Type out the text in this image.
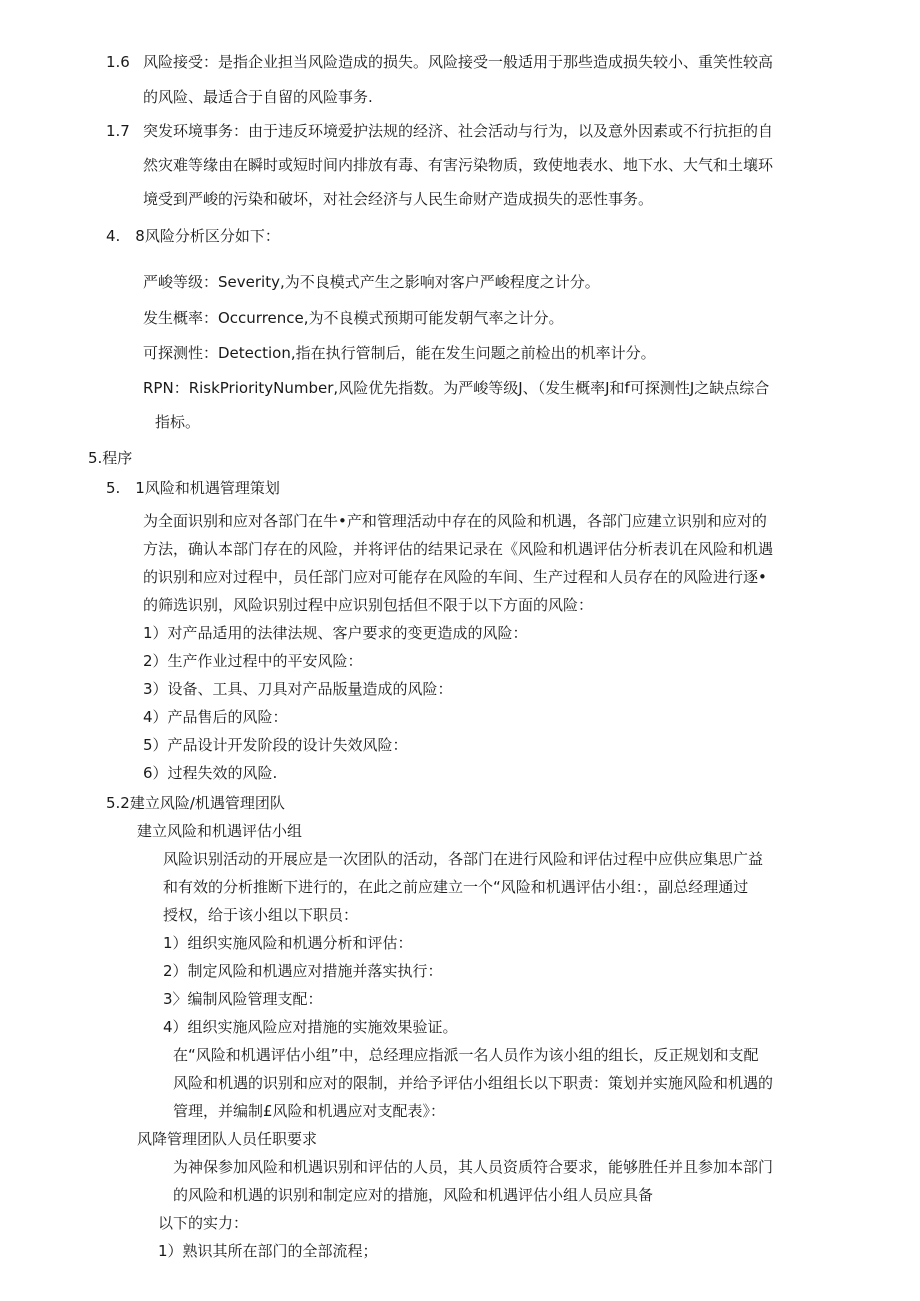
1.6 风险接受：是指企业担当风险造成的损失。风险接受一般适用于那些造成损失较小、重笑性较高
的风险、最适合于自留的风险事务.
1.7 突发环境事务：由于违反环境爱护法规的经济、社会活动与行为，以及意外因素或不行抗拒的自
然灾难等缘由在瞬时或短时间内排放有毒、有害污染物质，致使地表水、地下水、大气和土壤环
境受到严峻的污染和破坏，对社会经济与人民生命财产造成损失的恶性事务。
4.　8风险分析区分如下：
严峻等级：Severity,为不良模式产生之影响对客户严峻程度之计分。
发生概率：Occurrence,为不良模式预期可能发朝气率之计分。
可探测性：Detection,指在执行管制后，能在发生问题之前检出的机率计分。
RPN：RiskPriorityNumber,风险优先指数。为严峻等级J、（发生概率J和f可探测性J之缺点综合
指标。
5.程序
5.　1风险和机遇管理策划
为全面识别和应对各部门在牛•产和管理活动中存在的风险和机遇，各部门应建立识别和应对的
方法，确认本部门存在的风险，并将评估的结果记录在《风险和机遇评估分析表讥在风险和机遇
的识别和应对过程中，员任部门应对可能存在风险的车间、生产过程和人员存在的风险进行逐•
的筛选识别，风险识别过程中应识别包括但不限于以下方面的风险：
1）对产品适用的法律法规、客户要求的变更造成的风险：
2）生产作业过程中的平安风险：
3）设备、工具、刀具对产品版量造成的风险：
4）产品售后的风险：
5）产品设计开发阶段的设计失效风险：
6）过程失效的风险.
5.2建立风险/机遇管理团队
建立风险和机遇评估小组
风险识别活动的开展应是一次团队的活动，各部门在进行风险和评估过程中应供应集思广益
和有效的分析推断下进行的，在此之前应建立一个“风险和机遇评估小组：，副总经理通过
授权，给于该小组以下职员：
1）组织实施风险和机遇分析和评估：
2）制定风险和机遇应对措施并落实执行：
3〉编制风险管理支配：
4）组织实施风险应对措施的实施效果验证。
在“风险和机遇评估小组”中，总经理应指派一名人员作为该小组的组长，反正规划和支配
风险和机遇的识别和应对的限制，并给予评估小组组长以下职责：策划并实施风险和机遇的
管理，并编制£风险和机遇应对支配表》：
风降管理团队人员任职要求
为神保参加风险和机遇识别和评估的人员，其人员资质符合要求，能够胜任并且参加本部门
的风险和机遇的识别和制定应对的措施，风险和机遇评估小组人员应具备
以下的实力：
1）熟识其所在部门的全部流程；
